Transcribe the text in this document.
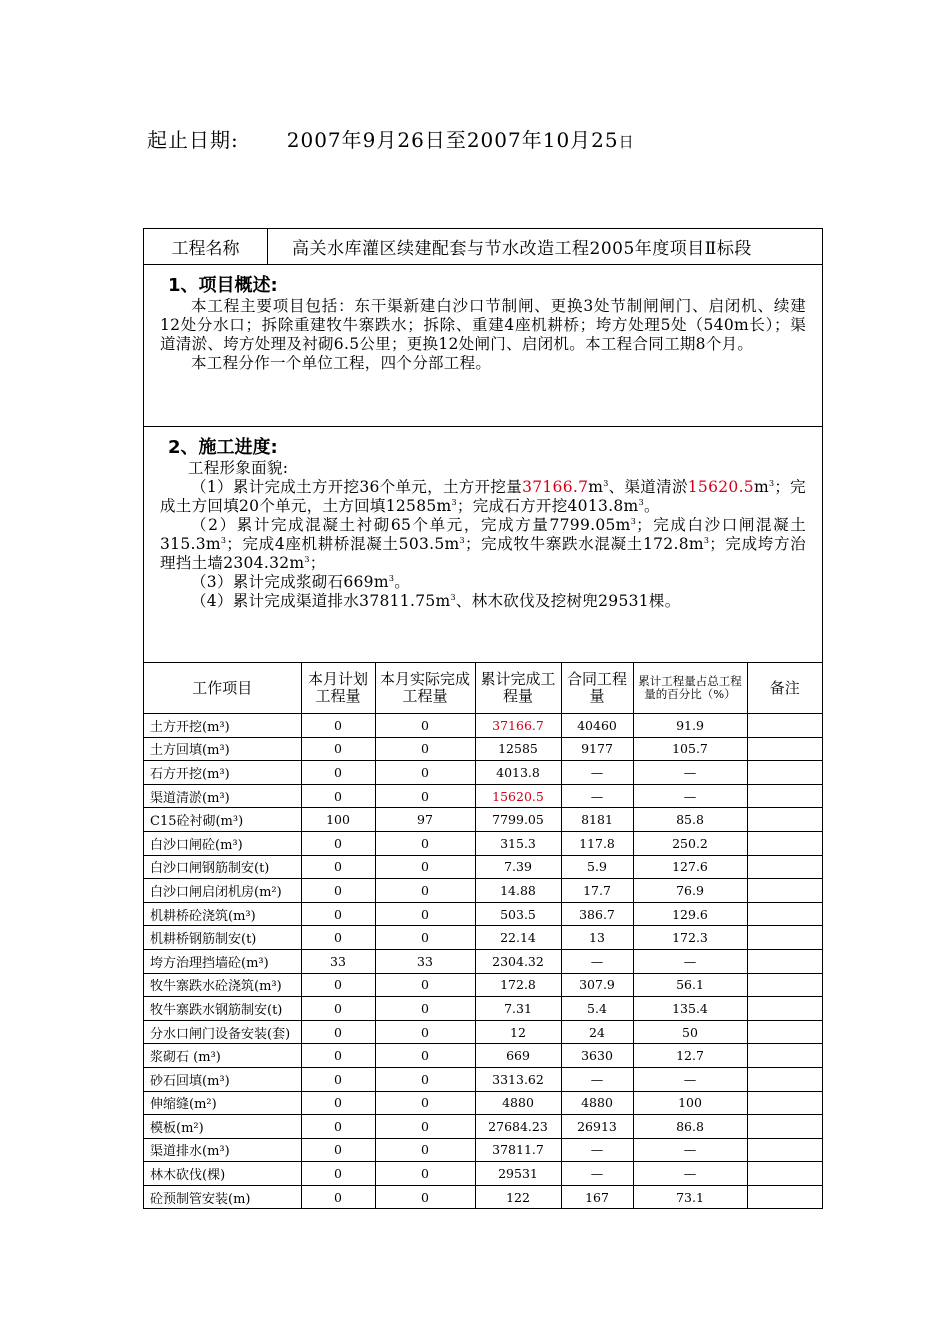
起止日期: 2007年9月26日至2007年10月25日
工程名称	高关水库灌区续建配套与节水改造工程2005年度项目Ⅱ标段
1、项目概述:
本工程主要项目包括：东干渠新建白沙口节制闸、更换3处节制闸闸门、启闭机、续建12处分水口；拆除重建牧牛寨跌水；拆除、重建4座机耕桥；垮方处理5处（540m长）；渠道清淤、垮方处理及衬砌6.5公里；更换12处闸门、启闭机。本工程合同工期8个月。
本工程分作一个单位工程，四个分部工程。
2、施工进度:
工程形象面貌:
（1）累计完成土方开挖36个单元，土方开挖量$37166.7m^3$、渠道清淤$15620.5m^3$；完成土方回填20个单元，土方回填$12585m^3$；完成石方开挖$4013.8m^3$。
（2）累计完成混凝土衬砌65个单元，完成方量$7799.05m^3$；完成白沙口闸混凝土$315.3m^3$；完成4座机耕桥混凝土$503.5m^3$；完成牧牛寨跌水混凝土$172.8m^3$；完成垮方治理挡土墙$2304.32m^3$；
（3）累计完成浆砌石$669m^3$。
（4）累计完成渠道排水$37811.75m^3$、林木砍伐及挖树兜29531棵。
工作项目	本月计划工程量	本月实际完成工程量	累计完成工程量	合同工程量	累计工程量占总工程量的百分比（%）	备注
土方开挖(m³)	0	0	37166.7	40460	91.9	
土方回填(m³)	0	0	12585	9177	105.7	
石方开挖(m³)	0	0	4013.8	—	—	
渠道清淤(m³)	0	0	15620.5	—	—	
C15砼衬砌(m³)	100	97	7799.05	8181	85.8	
白沙口闸砼(m³)	0	0	315.3	117.8	250.2	
白沙口闸钢筋制安(t)	0	0	7.39	5.9	127.6	
白沙口闸启闭机房(m²)	0	0	14.88	17.7	76.9	
机耕桥砼浇筑(m³)	0	0	503.5	386.7	129.6	
机耕桥钢筋制安(t)	0	0	22.14	13	172.3	
垮方治理挡墙砼(m³)	33	33	2304.32	—	—	
牧牛寨跌水砼浇筑(m³)	0	0	172.8	307.9	56.1	
牧牛寨跌水钢筋制安(t)	0	0	7.31	5.4	135.4	
分水口闸门设备安装(套)	0	0	12	24	50	
浆砌石 (m³)	0	0	669	3630	12.7	
砂石回填(m³)	0	0	3313.62	—	—	
伸缩缝(m²)	0	0	4880	4880	100	
模板(m²)	0	0	27684.23	26913	86.8	
渠道排水(m³)	0	0	37811.7	—	—	
林木砍伐(棵)	0	0	29531	—	—	
砼预制管安装(m)	0	0	122	167	73.1	
